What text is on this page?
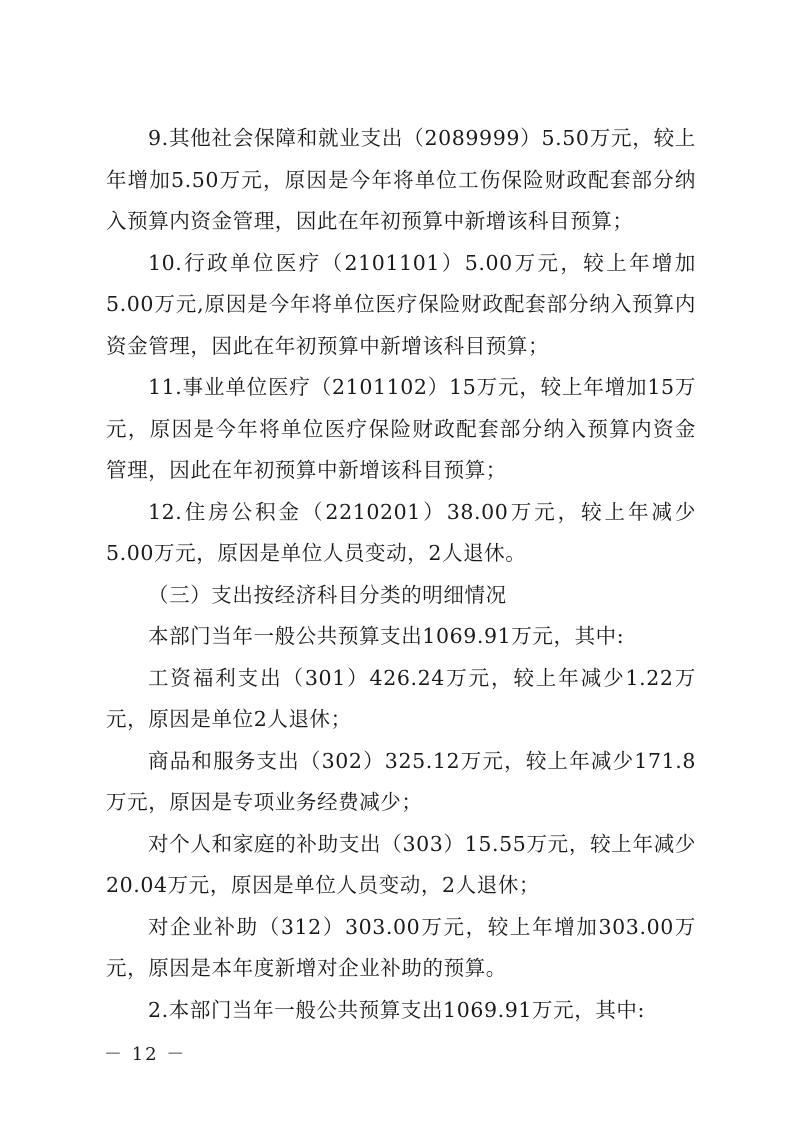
9.其他社会保障和就业支出（2089999）5.50万元，较上年增加5.50万元，原因是今年将单位工伤保险财政配套部分纳入预算内资金管理，因此在年初预算中新增该科目预算；

10.行政单位医疗（2101101）5.00万元，较上年增加5.00万元,原因是今年将单位医疗保险财政配套部分纳入预算内资金管理，因此在年初预算中新增该科目预算；

11.事业单位医疗（2101102）15万元，较上年增加15万元，原因是今年将单位医疗保险财政配套部分纳入预算内资金管理，因此在年初预算中新增该科目预算；

12.住房公积金（2210201）38.00万元，较上年减少5.00万元，原因是单位人员变动，2人退休。

（三）支出按经济科目分类的明细情况

本部门当年一般公共预算支出1069.91万元，其中:

工资福利支出（301）426.24万元，较上年减少1.22万元，原因是单位2人退休；

商品和服务支出（302）325.12万元，较上年减少171.8万元，原因是专项业务经费减少；

对个人和家庭的补助支出（303）15.55万元，较上年减少20.04万元，原因是单位人员变动，2人退休；

对企业补助（312）303.00万元，较上年增加303.00万元，原因是本年度新增对企业补助的预算。

2.本部门当年一般公共预算支出1069.91万元，其中:

－ 12 －
